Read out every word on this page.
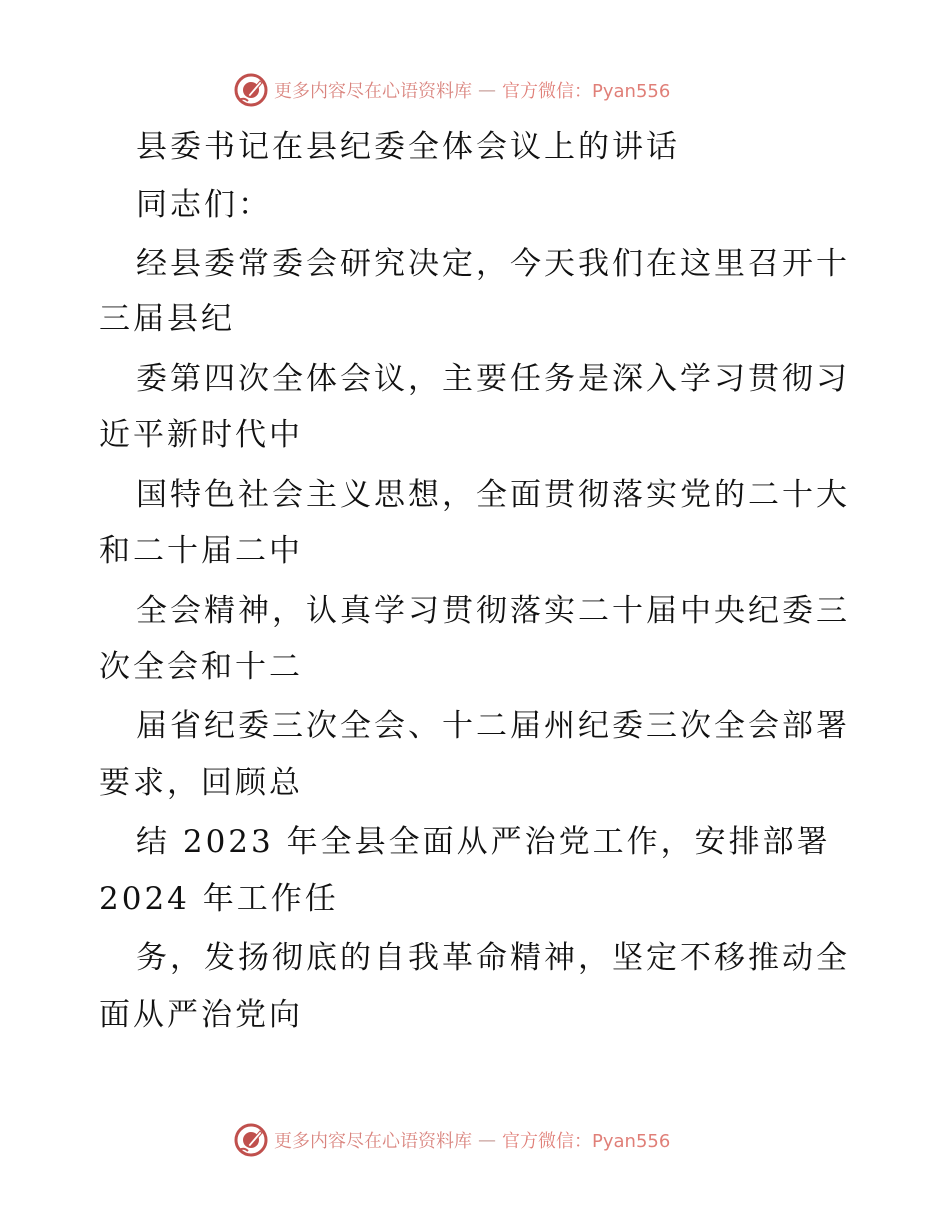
更多内容尽在心语资料库 — 官方微信：Pyan556
县委书记在县纪委全体会议上的讲话
同志们：
经县委常委会研究决定，今天我们在这里召开十
三届县纪
委第四次全体会议，主要任务是深入学习贯彻习
近平新时代中
国特色社会主义思想，全面贯彻落实党的二十大
和二十届二中
全会精神，认真学习贯彻落实二十届中央纪委三
次全会和十二
届省纪委三次全会、十二届州纪委三次全会部署
要求，回顾总
结 2023 年全县全面从严治党工作，安排部署
2024 年工作任
务，发扬彻底的自我革命精神，坚定不移推动全
面从严治党向
更多内容尽在心语资料库 — 官方微信：Pyan556
